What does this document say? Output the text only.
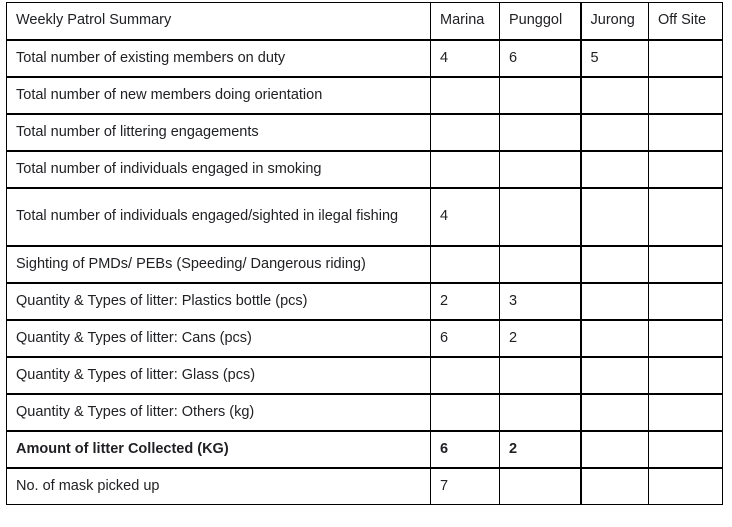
Weekly Patrol Summary	Marina	Punggol	Jurong	Off Site
Total number of existing members on duty	4	6	5	
Total number of new members doing orientation				
Total number of littering engagements				
Total number of individuals engaged in smoking				
Total number of individuals engaged/sighted in ilegal fishing	4			
Sighting of PMDs/ PEBs (Speeding/ Dangerous riding)				
Quantity & Types of litter: Plastics bottle (pcs)	2	3		
Quantity & Types of litter: Cans (pcs)	6	2		
Quantity & Types of litter: Glass (pcs)				
Quantity & Types of litter: Others (kg)				
Amount of litter Collected (KG)	6	2		
No. of mask picked up	7			
